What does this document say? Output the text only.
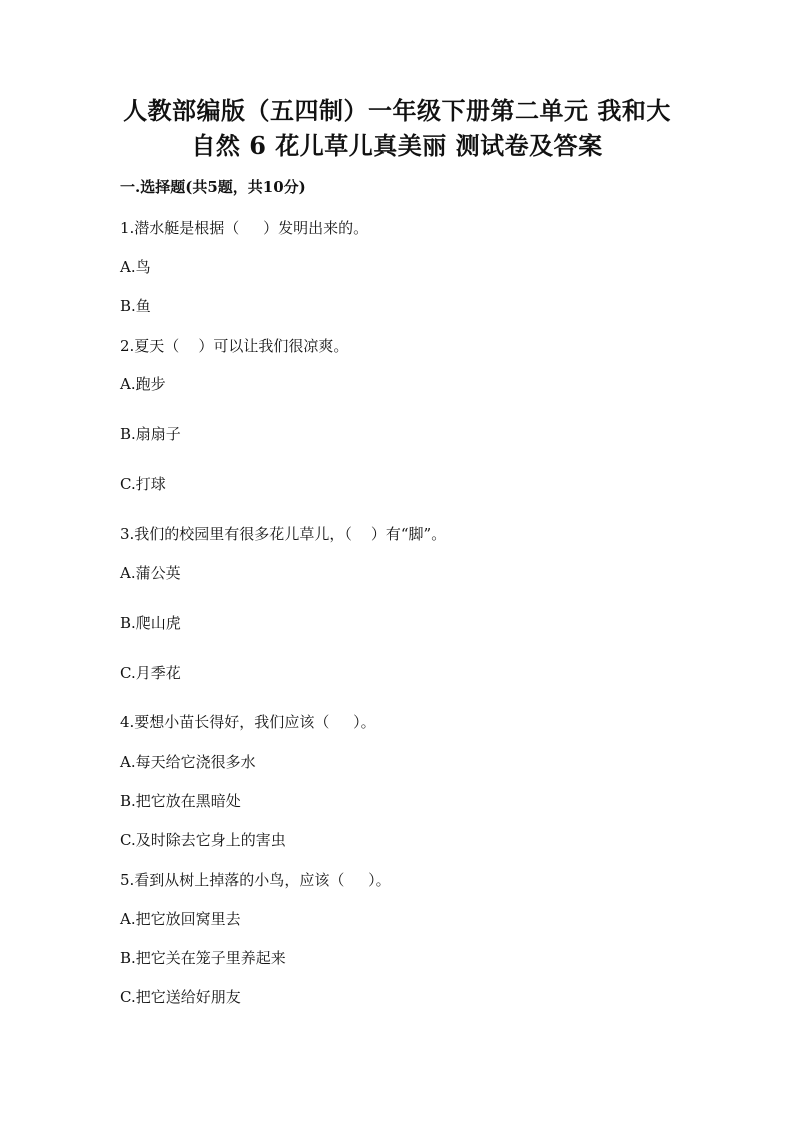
人教部编版（五四制）一年级下册第二单元 我和大
自然 6 花儿草儿真美丽 测试卷及答案
一.选择题(共5题，共10分)
1.潜水艇是根据（     ）发明出来的。
A.鸟
B.鱼
2.夏天（    ）可以让我们很凉爽。
A.跑步
B.扇扇子
C.打球
3.我们的校园里有很多花儿草儿，（    ）有“脚”。
A.蒲公英
B.爬山虎
C.月季花
4.要想小苗长得好，我们应该（     ）。
A.每天给它浇很多水
B.把它放在黑暗处
C.及时除去它身上的害虫
5.看到从树上掉落的小鸟，应该（     ）。
A.把它放回窝里去
B.把它关在笼子里养起来
C.把它送给好朋友
